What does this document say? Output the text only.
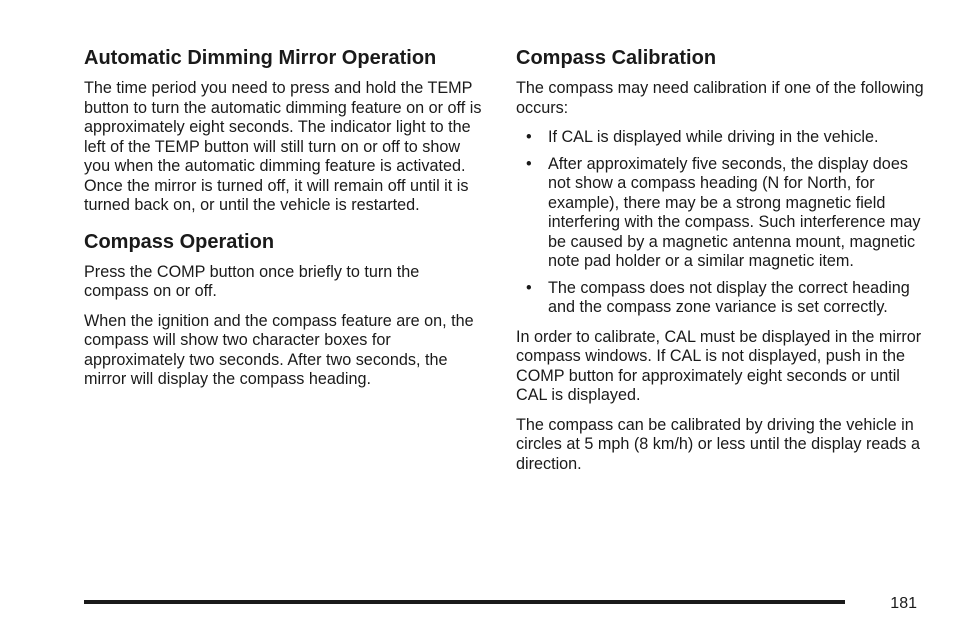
Automatic Dimming Mirror Operation

The time period you need to press and hold the TEMP button to turn the automatic dimming feature on or off is approximately eight seconds. The indicator light to the left of the TEMP button will still turn on or off to show you when the automatic dimming feature is activated. Once the mirror is turned off, it will remain off until it is turned back on, or until the vehicle is restarted.

Compass Operation

Press the COMP button once briefly to turn the compass on or off.

When the ignition and the compass feature are on, the compass will show two character boxes for approximately two seconds. After two seconds, the mirror will display the compass heading.

Compass Calibration

The compass may need calibration if one of the following occurs:

• If CAL is displayed while driving in the vehicle.
• After approximately five seconds, the display does not show a compass heading (N for North, for example), there may be a strong magnetic field interfering with the compass. Such interference may be caused by a magnetic antenna mount, magnetic note pad holder or a similar magnetic item.
• The compass does not display the correct heading and the compass zone variance is set correctly.

In order to calibrate, CAL must be displayed in the mirror compass windows. If CAL is not displayed, push in the COMP button for approximately eight seconds or until CAL is displayed.

The compass can be calibrated by driving the vehicle in circles at 5 mph (8 km/h) or less until the display reads a direction.

181
